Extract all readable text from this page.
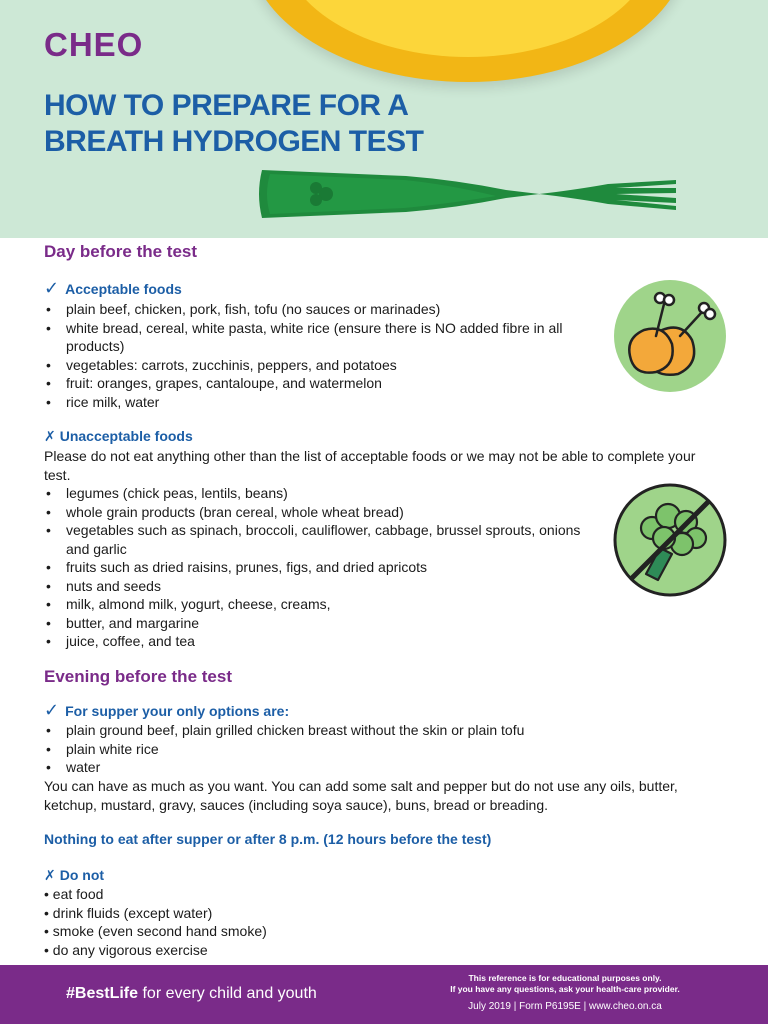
CHEO
HOW TO PREPARE FOR A BREATH HYDROGEN TEST
Day before the test
✓ Acceptable foods
• plain beef, chicken, pork, fish, tofu (no sauces or marinades)
• white bread, cereal, white pasta, white rice (ensure there is NO added fibre in all products)
• vegetables: carrots, zucchinis, peppers, and potatoes
• fruit: oranges, grapes, cantaloupe, and watermelon
• rice milk, water
✗ Unacceptable foods
Please do not eat anything other than the list of acceptable foods or we may not be able to complete your test.
• legumes (chick peas, lentils, beans)
• whole grain products (bran cereal, whole wheat bread)
• vegetables such as spinach, broccoli, cauliflower, cabbage, brussel sprouts, onions and garlic
• fruits such as dried raisins, prunes, figs, and dried apricots
• nuts and seeds
• milk, almond milk, yogurt, cheese, creams,
• butter, and margarine
• juice, coffee, and tea
Evening before the test
✓ For supper your only options are:
• plain ground beef, plain grilled chicken breast without the skin or plain tofu
• plain white rice
• water
You can have as much as you want. You can add some salt and pepper but do not use any oils, butter, ketchup, mustard, gravy, sauces (including soya sauce), buns, bread or breading.
Nothing to eat after supper or after 8 p.m. (12 hours before the test)
✗ Do not
• eat food
• drink fluids (except water)
• smoke (even second hand smoke)
• do any vigorous exercise
#BestLife for every child and youth
This reference is for educational purposes only.
If you have any questions, ask your health-care provider.
July 2019 | Form P6195E | www.cheo.on.ca
